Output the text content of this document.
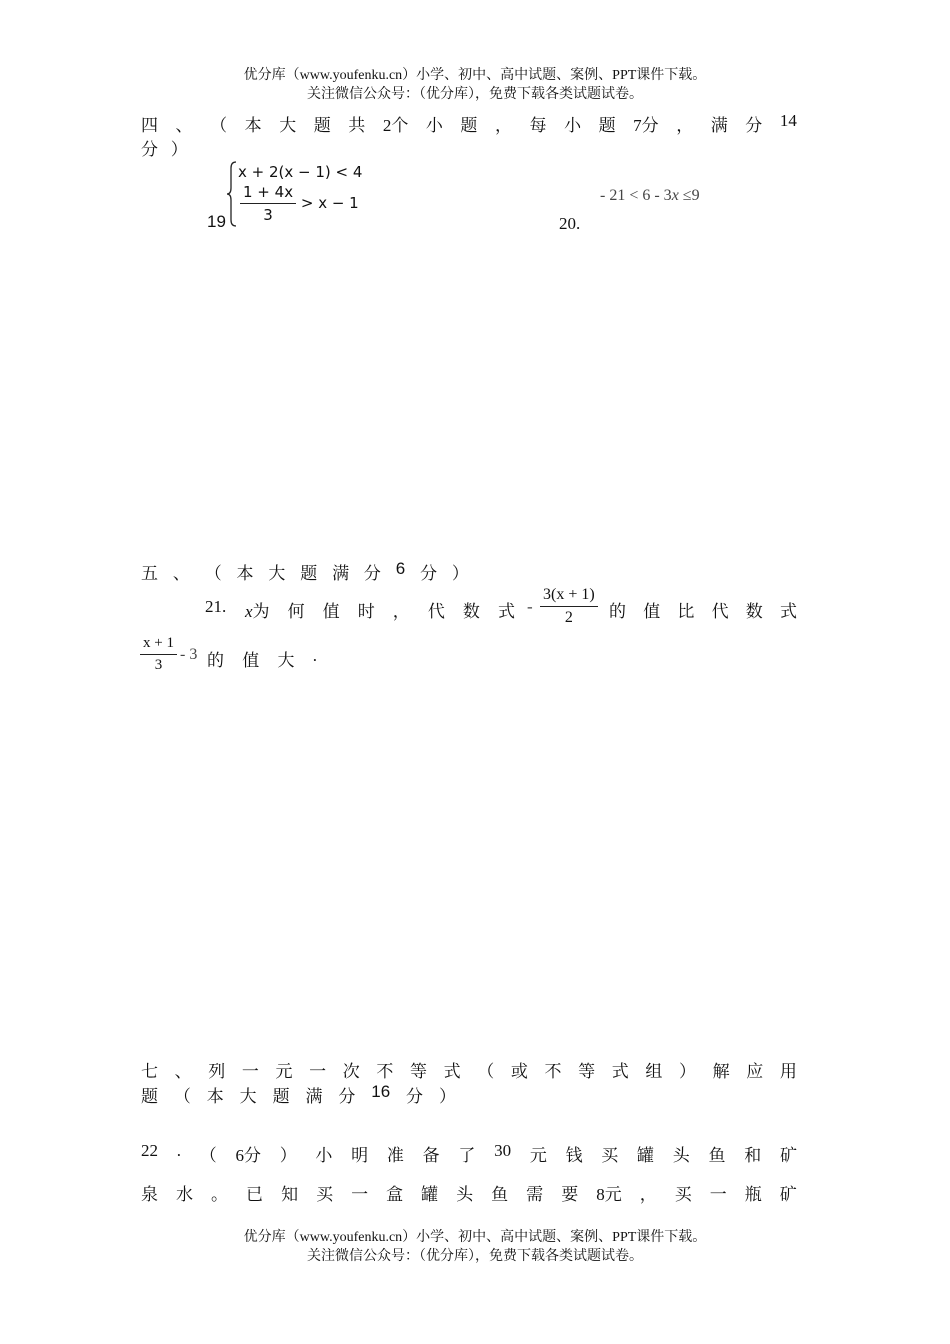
优分库（www.youfenku.cn）小学、初中、高中试题、案例、PPT课件下载。
关注微信公众号：（优分库），免费下载各类试题试卷。
四 、 （ 本 大 题 共 2个 小 题 ， 每 小 题 7分 ， 满 分 14
分 ）
19
x + 2(x − 1) < 4
$\frac{1 + 4x}{3} > x - 1$	- 21 < 6 - 3x ≤9
20.
五 、 （ 本 大 题 满 分 6 分 ）
21. x为 何 值 时 ， 代 数 式 - $\frac{3(x + 1)}{2}$ 的 值 比 代 数 式
$\frac{x + 1}{3} - 3$ 的 值 大 .
七 、 列 一 元 一 次 不 等 式 （ 或 不 等 式 组 ） 解 应 用
题 （ 本 大 题 满 分 16 分 ）
22 . （ 6分 ） 小 明 准 备 了 30 元 钱 买 罐 头 鱼 和 矿
泉 水 。 已 知 买 一 盒 罐 头 鱼 需 要 8元 ， 买 一 瓶 矿
优分库（www.youfenku.cn）小学、初中、高中试题、案例、PPT课件下载。
关注微信公众号：（优分库），免费下载各类试题试卷。
